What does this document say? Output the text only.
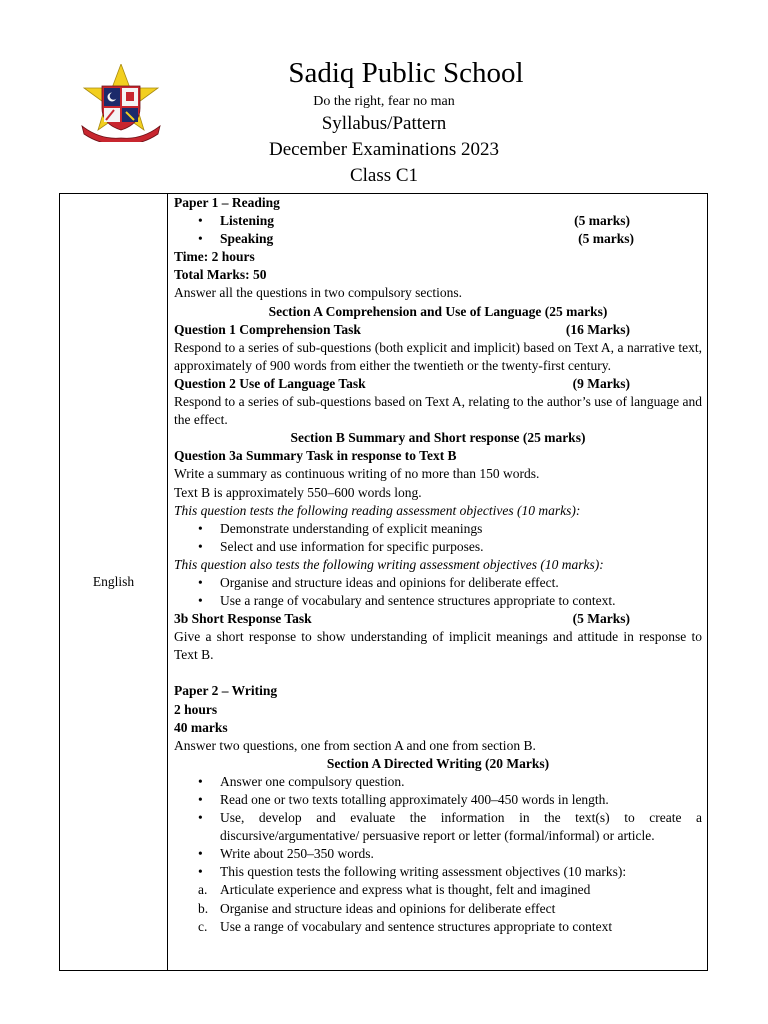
Sadiq Public School
Do the right, fear no man
Syllabus/Pattern
December Examinations 2023
Class C1
English
Paper 1 – Reading
•	Listening	(5 marks)
•	Speaking	(5 marks)
Time: 2 hours
Total Marks: 50
Answer all the questions in two compulsory sections.
Section A Comprehension and Use of Language (25 marks)
Question 1 Comprehension Task	(16 Marks)
Respond to a series of sub-questions (both explicit and implicit) based on Text A, a narrative text, approximately of 900 words from either the twentieth or the twenty-first century.
Question 2 Use of Language Task	(9 Marks)
Respond to a series of sub-questions based on Text A, relating to the author’s use of language and the effect.
Section B Summary and Short response (25 marks)
Question 3a Summary Task in response to Text B
Write a summary as continuous writing of no more than 150 words.
Text B is approximately 550–600 words long.
This question tests the following reading assessment objectives (10 marks):
•	Demonstrate understanding of explicit meanings
•	Select and use information for specific purposes.
This question also tests the following writing assessment objectives (10 marks):
•	Organise and structure ideas and opinions for deliberate effect.
•	Use a range of vocabulary and sentence structures appropriate to context.
3b Short Response Task	(5 Marks)
Give a short response to show understanding of implicit meanings and attitude in response to Text B.
Paper 2 – Writing
2 hours
40 marks
Answer two questions, one from section A and one from section B.
Section A Directed Writing (20 Marks)
•	Answer one compulsory question.
•	Read one or two texts totalling approximately 400–450 words in length.
•	Use, develop and evaluate the information in the text(s) to create a discursive/argumentative/ persuasive report or letter (formal/informal) or article.
•	Write about 250–350 words.
•	This question tests the following writing assessment objectives (10 marks):
a. Articulate experience and express what is thought, felt and imagined
b. Organise and structure ideas and opinions for deliberate effect
c. Use a range of vocabulary and sentence structures appropriate to context
